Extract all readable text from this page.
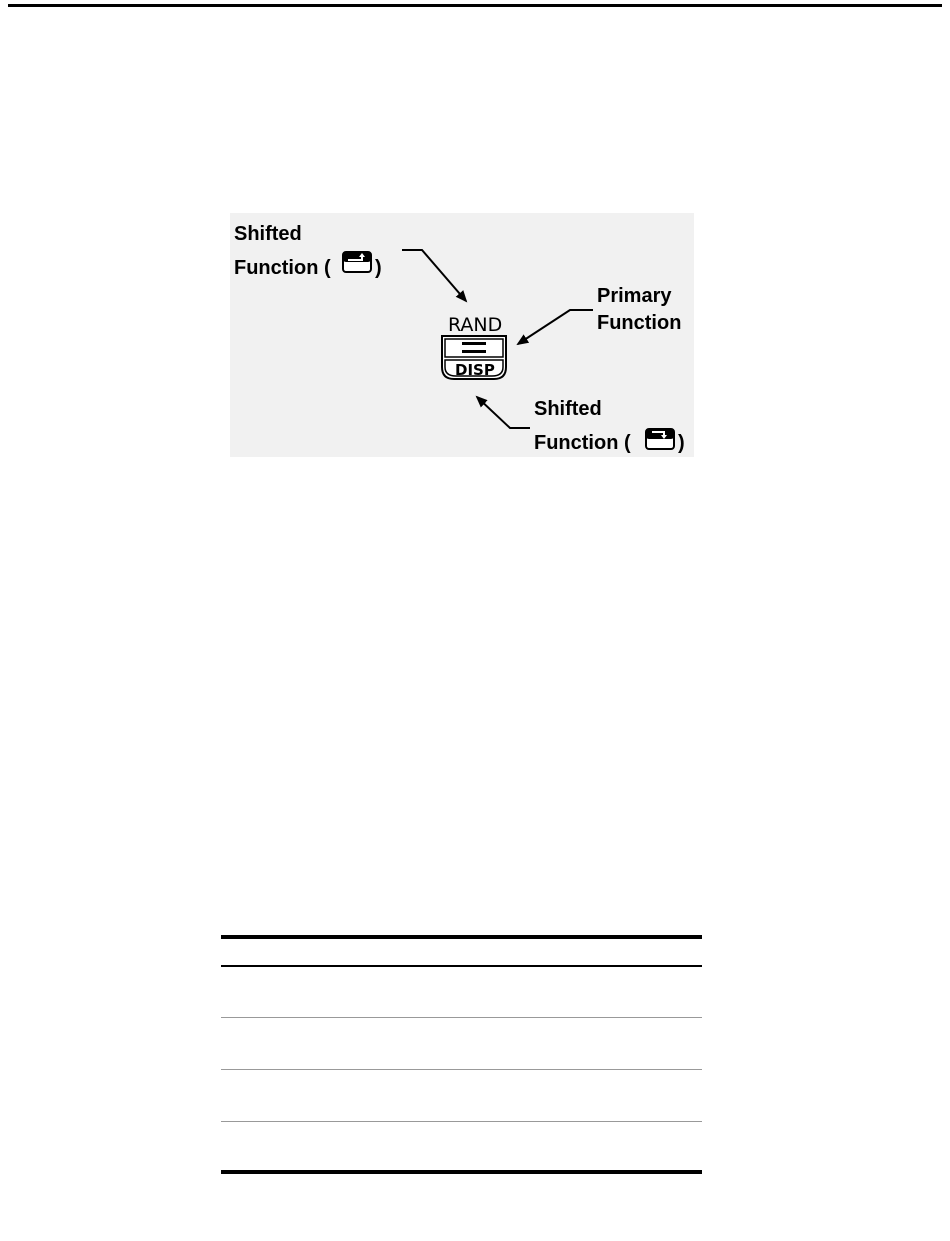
Shifted
Function ( )
Primary
Function
RAND
DISP
Shifted
Function ( )
